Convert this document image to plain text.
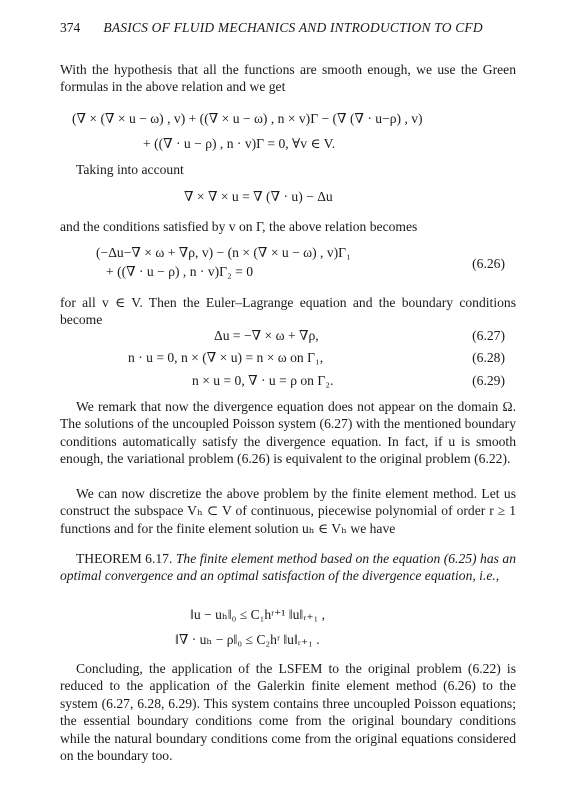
374 BASICS OF FLUID MECHANICS AND INTRODUCTION TO CFD
With the hypothesis that all the functions are smooth enough, we use the Green formulas in the above relation and we get
(∇ × (∇ × u − ω) , v) + ((∇ × u − ω) , n × v)Γ − (∇ (∇ · u−ρ) , v)
+ ((∇ · u − ρ) , n · v)Γ = 0, ∀v ∈ V.
Taking into account
∇ × ∇ × u = ∇ (∇ · u) − Δu
and the conditions satisfied by v on Γ, the above relation becomes
(−Δu−∇ × ω + ∇ρ, v) − (n × (∇ × u − ω) , v)Γ₁
+ ((∇ · u − ρ) , n · v)Γ₂ = 0
(6.26)
for all v ∈ V. Then the Euler–Lagrange equation and the boundary conditions become
Δu = −∇ × ω + ∇ρ,	(6.27)
n · u = 0, n × (∇ × u) = n × ω on Γ₁,	(6.28)
n × u = 0, ∇ · u = ρ on Γ₂.	(6.29)
We remark that now the divergence equation does not appear on the domain Ω. The solutions of the uncoupled Poisson system (6.27) with the mentioned boundary conditions automatically satisfy the divergence equation. In fact, if u is smooth enough, the variational problem (6.26) is equivalent to the original problem (6.22).
We can now discretize the above problem by the finite element method. Let us construct the subspace Vₕ ⊂ V of continuous, piecewise polynomial of order r ≥ 1 functions and for the finite element solution uₕ ∈ Vₕ we have
THEOREM 6.17. The finite element method based on the equation (6.25) has an optimal convergence and an optimal satisfaction of the divergence equation, i.e.,
‖u − uₕ‖₀ ≤ C₁hʳ⁺¹ ‖u‖ᵣ₊₁ ,
‖∇ · uₕ − ρ‖₀ ≤ C₂hʳ ‖u‖ᵣ₊₁ .
Concluding, the application of the LSFEM to the original problem (6.22) is reduced to the application of the Galerkin finite element method (6.26) to the system (6.27, 6.28, 6.29). This system contains three uncoupled Poisson equations; the essential boundary conditions come from the original boundary conditions while the natural boundary conditions come from the original equations considered on the boundary too.
